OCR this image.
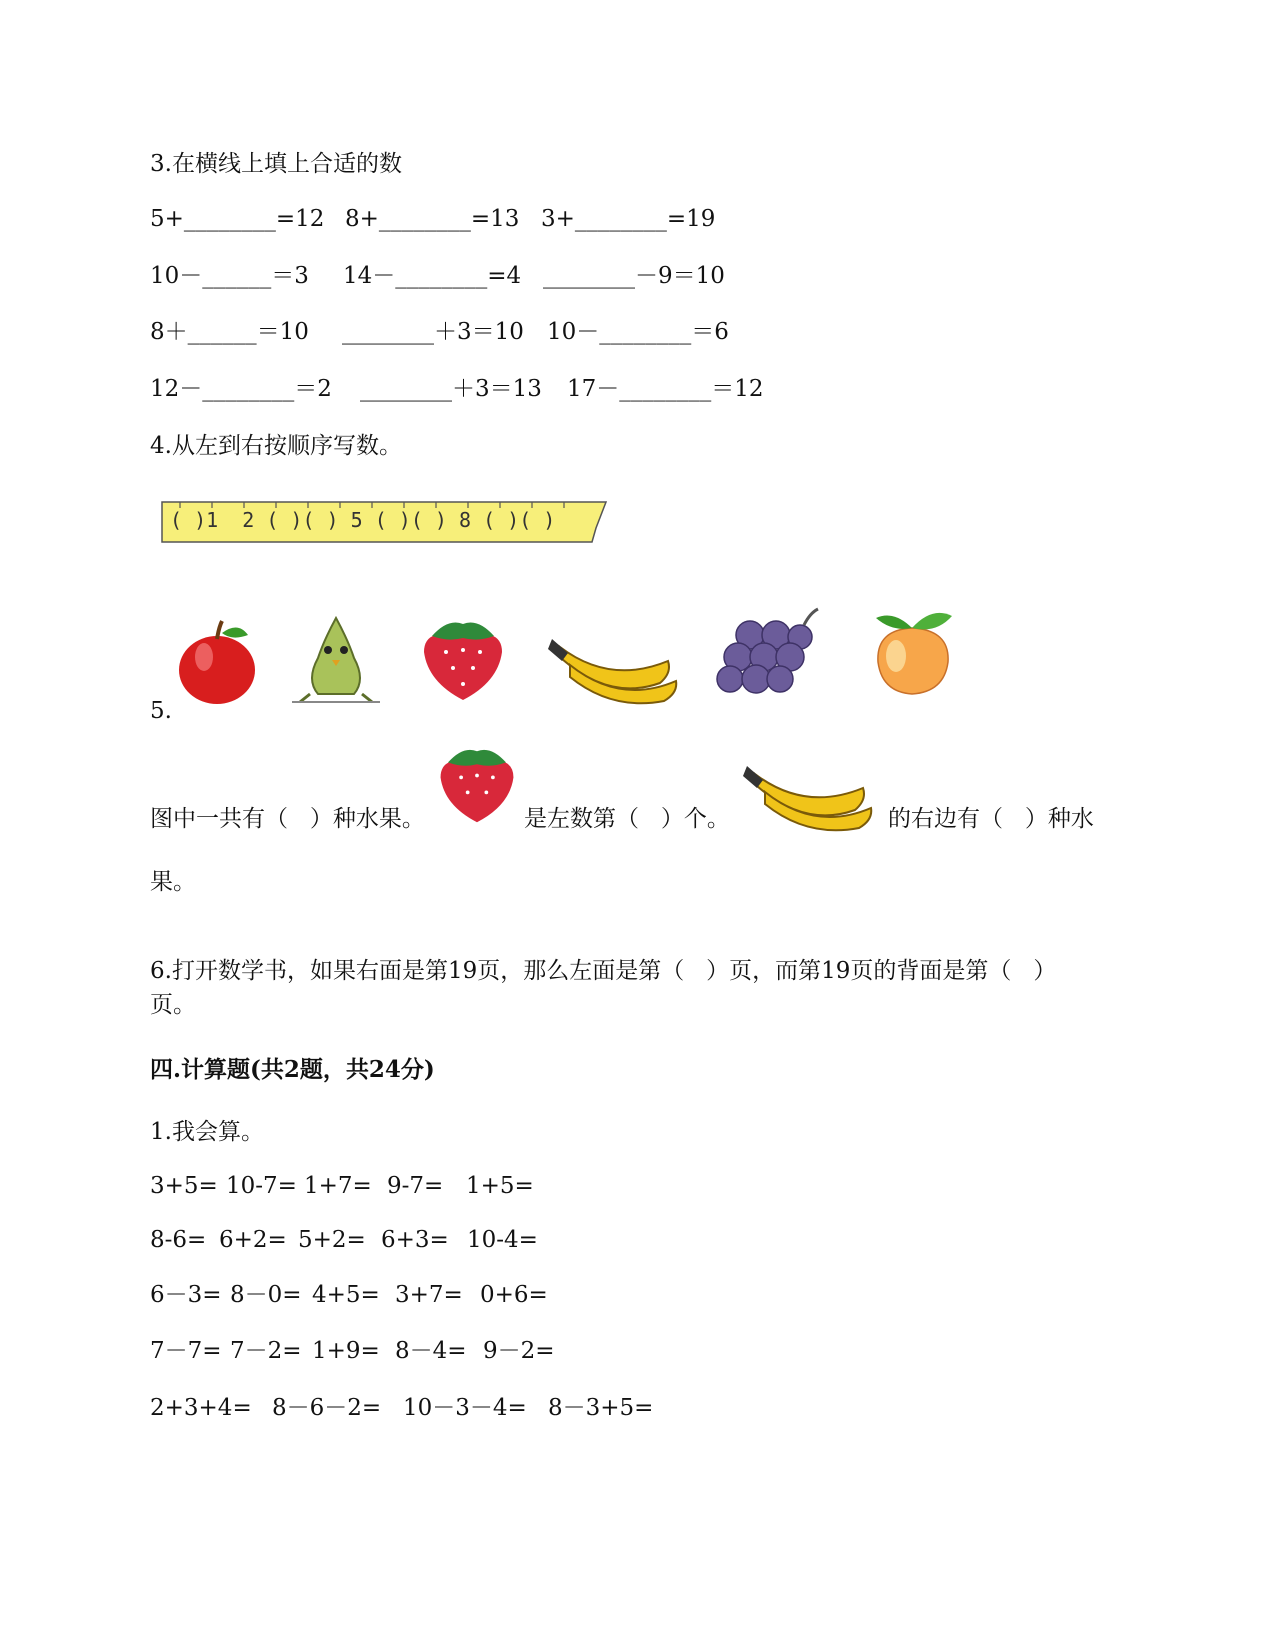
3.在横线上填上合适的数
5+________=12 8+________=13 3+________=19
10－______＝3 14－________=4 ________－9＝10
8＋______＝10 ________＋3＝10 10－________＝6
12－________＝2 ________＋3＝13 17－________＝12
4.从左到右按顺序写数。
( )1  2 ( )( ) 5 ( )( ) 8 ( )( )
5.
图中一共有（   ）种水果。	是左数第（   ）个。	的右边有（   ）种水
果。
6.打开数学书，如果右面是第19页，那么左面是第（   ）页，而第19页的背面是第（   ）
页。
四.计算题(共2题，共24分)
1.我会算。
3+5= 10-7= 1+7= 9-7= 1+5=
8-6= 6+2= 5+2= 6+3= 10-4=
6－3= 8－0= 4+5= 3+7= 0+6=
7－7= 7－2= 1+9= 8－4= 9－2=
2+3+4= 8－6－2= 10－3－4= 8－3+5=
